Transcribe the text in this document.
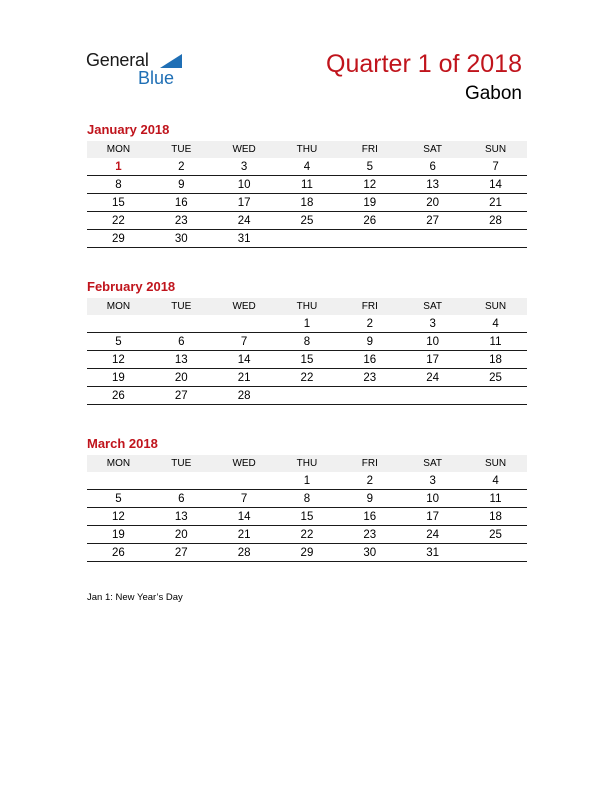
General
Blue	Quarter 1 of 2018
Gabon
January 2018
MON	TUE	WED	THU	FRI	SAT	SUN
1	2	3	4	5	6	7
8	9	10	11	12	13	14
15	16	17	18	19	20	21
22	23	24	25	26	27	28
29	30	31				
February 2018
MON	TUE	WED	THU	FRI	SAT	SUN
			1	2	3	4
5	6	7	8	9	10	11
12	13	14	15	16	17	18
19	20	21	22	23	24	25
26	27	28				
March 2018
MON	TUE	WED	THU	FRI	SAT	SUN
			1	2	3	4
5	6	7	8	9	10	11
12	13	14	15	16	17	18
19	20	21	22	23	24	25
26	27	28	29	30	31	
Jan 1: New Year’s Day
